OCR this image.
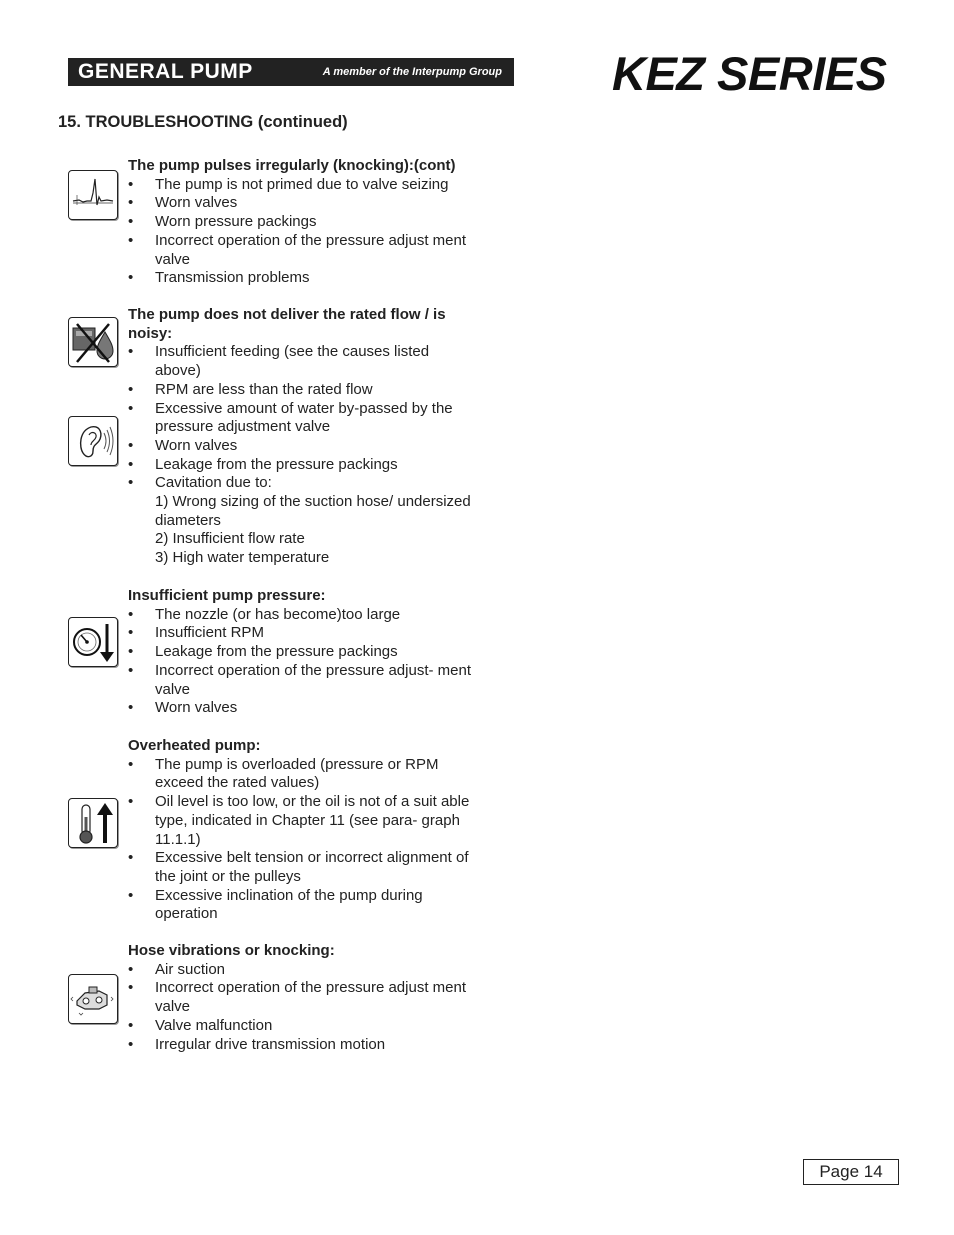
GENERAL PUMP	A member of the Interpump Group KEZ SERIES
15. TROUBLESHOOTING (continued)
The pump pulses irregularly (knocking):(cont)
• The pump is not primed due to valve seizing
• Worn valves
• Worn pressure packings
• Incorrect operation of the pressure adjust ment valve
• Transmission problems
The pump does not deliver the rated flow / is noisy:
• Insufficient feeding (see the causes listed above)
• RPM are less than the rated flow
• Excessive amount of water by-passed by the pressure adjustment valve
• Worn valves
• Leakage from the pressure packings
• Cavitation due to:
1) Wrong sizing of the suction hose/ undersized diameters
2) Insufficient flow rate
3) High water temperature
Insufficient pump pressure:
• The nozzle (or has become)too large
• Insufficient RPM
• Leakage from the pressure packings
• Incorrect operation of the pressure adjust- ment valve
• Worn valves
Overheated pump:
• The pump is overloaded (pressure or RPM exceed the rated values)
• Oil level is too low, or the oil is not of a suit able type, indicated in Chapter 11 (see para- graph 11.1.1)
• Excessive belt tension or incorrect alignment of the joint or the pulleys
• Excessive inclination of the pump during operation
Hose vibrations or knocking:
• Air suction
• Incorrect operation of the pressure adjust ment valve
• Valve malfunction
• Irregular drive transmission motion
Page 14
